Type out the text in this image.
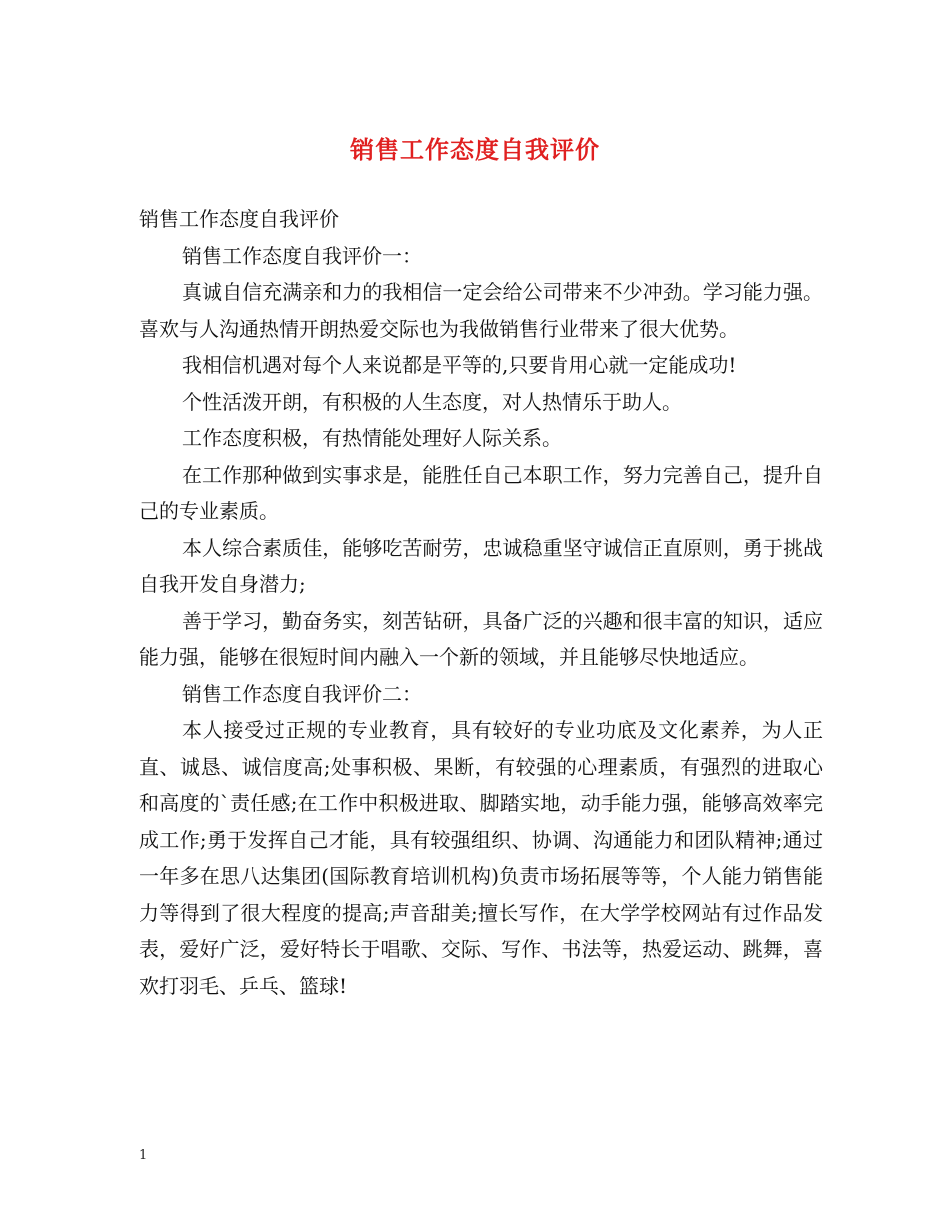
销售工作态度自我评价

销售工作态度自我评价

销售工作态度自我评价一：

真诚自信充满亲和力的我相信一定会给公司带来不少冲劲。学习能力强。喜欢与人沟通热情开朗热爱交际也为我做销售行业带来了很大优势。

我相信机遇对每个人来说都是平等的,只要肯用心就一定能成功!

个性活泼开朗，有积极的人生态度，对人热情乐于助人。

工作态度积极，有热情能处理好人际关系。

在工作那种做到实事求是，能胜任自己本职工作，努力完善自己，提升自己的专业素质。

本人综合素质佳，能够吃苦耐劳，忠诚稳重坚守诚信正直原则，勇于挑战自我开发自身潜力;

善于学习，勤奋务实，刻苦钻研，具备广泛的兴趣和很丰富的知识，适应能力强，能够在很短时间内融入一个新的领域，并且能够尽快地适应。

销售工作态度自我评价二：

本人接受过正规的专业教育，具有较好的专业功底及文化素养，为人正直、诚恳、诚信度高;处事积极、果断，有较强的心理素质，有强烈的进取心和高度的`责任感;在工作中积极进取、脚踏实地，动手能力强，能够高效率完成工作;勇于发挥自己才能，具有较强组织、协调、沟通能力和团队精神;通过一年多在思八达集团(国际教育培训机构)负责市场拓展等等，个人能力销售能力等得到了很大程度的提高;声音甜美;擅长写作，在大学学校网站有过作品发表，爱好广泛，爱好特长于唱歌、交际、写作、书法等，热爱运动、跳舞，喜欢打羽毛、乒乓、篮球!

1
